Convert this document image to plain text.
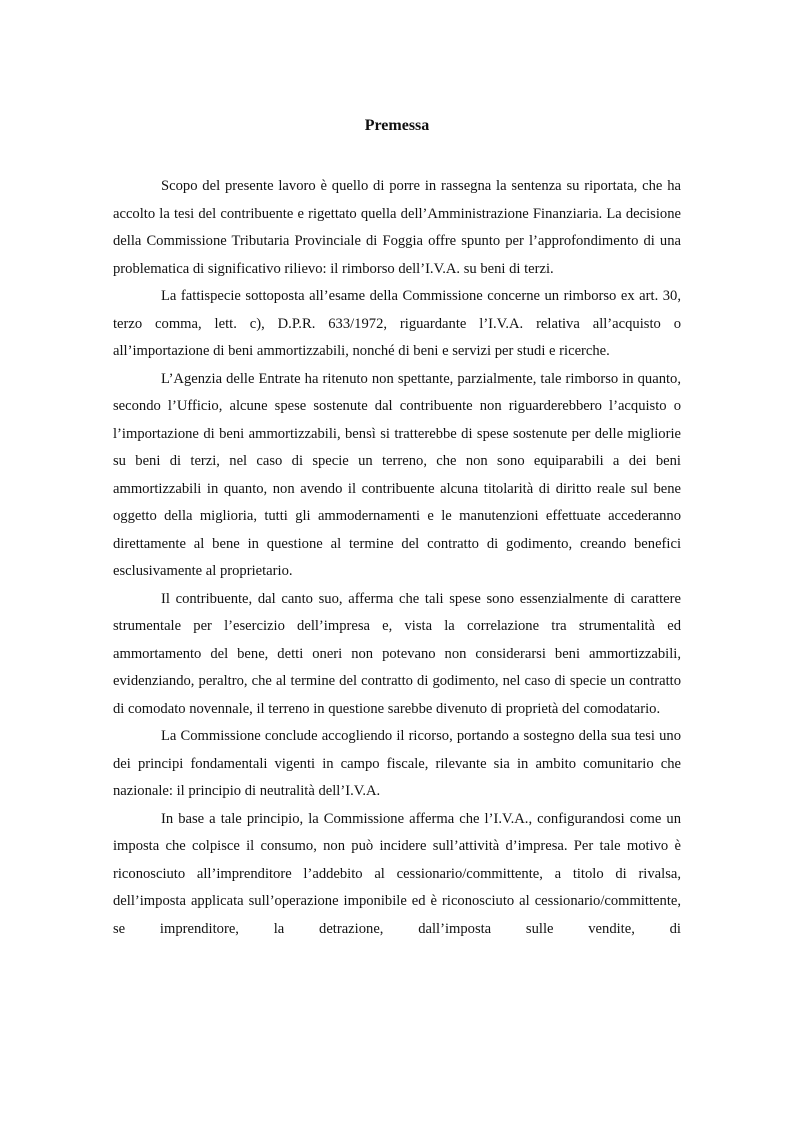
Premessa

Scopo del presente lavoro è quello di porre in rassegna la sentenza su riportata, che ha accolto la tesi del contribuente e rigettato quella dell’Amministrazione Finanziaria. La decisione della Commissione Tributaria Provinciale di Foggia offre spunto per l’approfondimento di una problematica di significativo rilievo: il rimborso dell’I.V.A. su beni di terzi.

La fattispecie sottoposta all’esame della Commissione concerne un rimborso ex art. 30, terzo comma, lett. c), D.P.R. 633/1972, riguardante l’I.V.A. relativa all’acquisto o all’importazione di beni ammortizzabili, nonché di beni e servizi per studi e ricerche.

L’Agenzia delle Entrate ha ritenuto non spettante, parzialmente, tale rimborso in quanto, secondo l’Ufficio, alcune spese sostenute dal contribuente non riguarderebbero l’acquisto o l’importazione di beni ammortizzabili, bensì si tratterebbe di spese sostenute per delle migliorie su beni di terzi, nel caso di specie un terreno, che non sono equiparabili a dei beni ammortizzabili in quanto, non avendo il contribuente alcuna titolarità di diritto reale sul bene oggetto della miglioria, tutti gli ammodernamenti e le manutenzioni effettuate accederanno direttamente al bene in questione al termine del contratto di godimento, creando benefici esclusivamente al proprietario.

Il contribuente, dal canto suo, afferma che tali spese sono essenzialmente di carattere strumentale per l’esercizio dell’impresa e, vista la correlazione tra strumentalità ed ammortamento del bene, detti oneri non potevano non considerarsi beni ammortizzabili, evidenziando, peraltro, che al termine del contratto di godimento, nel caso di specie un contratto di comodato novennale, il terreno in questione sarebbe divenuto di proprietà del comodatario.

La Commissione conclude accogliendo il ricorso, portando a sostegno della sua tesi uno dei principi fondamentali vigenti in campo fiscale, rilevante sia in ambito comunitario che nazionale: il principio di neutralità dell’I.V.A.

In base a tale principio, la Commissione afferma che l’I.V.A., configurandosi come un imposta che colpisce il consumo, non può incidere sull’attività d’impresa. Per tale motivo è riconosciuto all’imprenditore l’addebito al cessionario/committente, a titolo di rivalsa, dell’imposta applicata sull’operazione imponibile ed è riconosciuto al cessionario/committente, se imprenditore, la detrazione, dall’imposta sulle vendite, di
